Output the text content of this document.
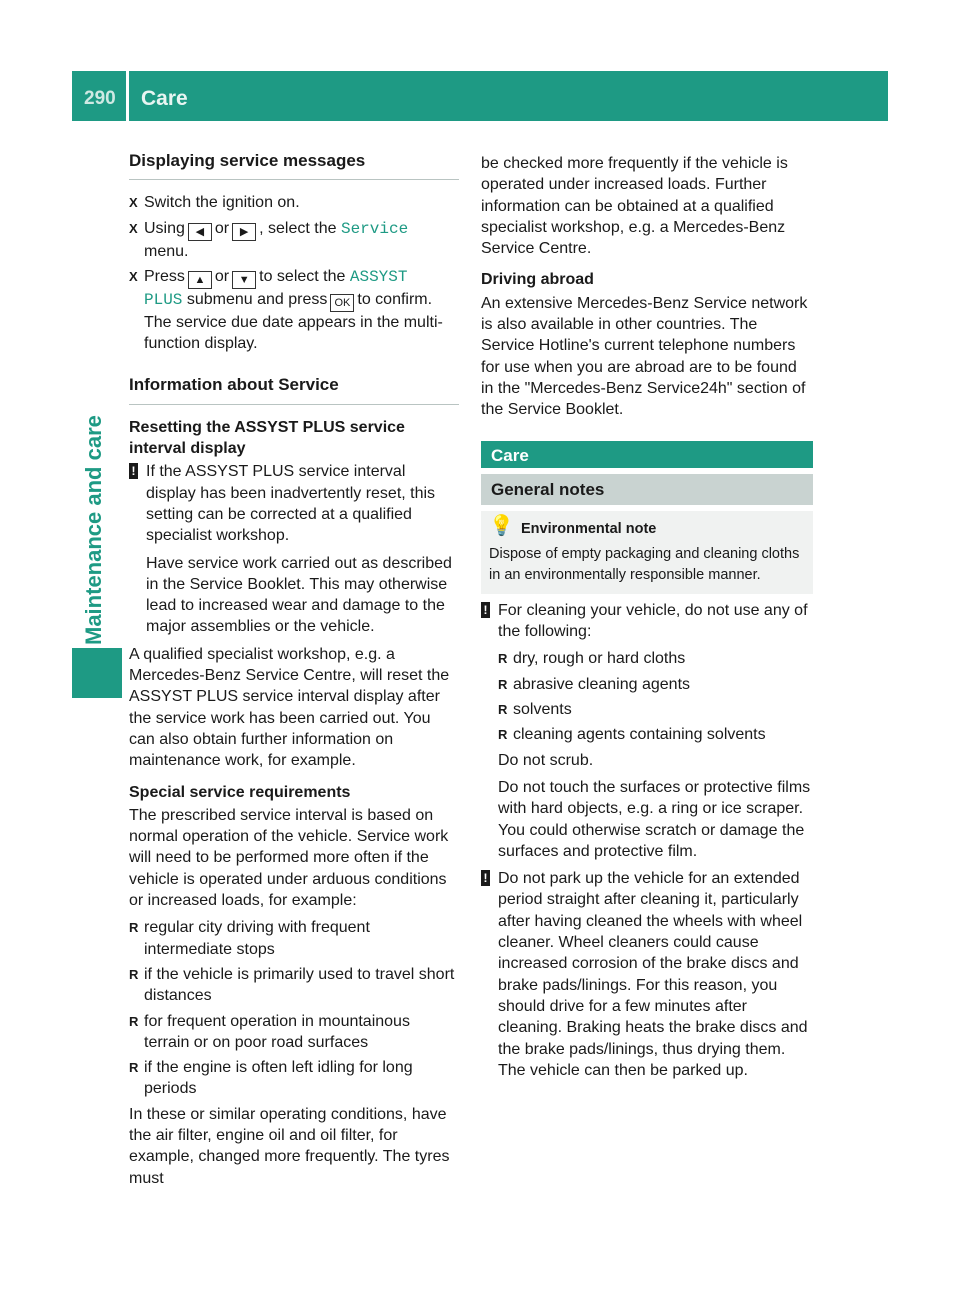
290 Care
Maintenance and care
Displaying service messages
X Switch the ignition on.
X Using ◀ or ▶ , select the Service
menu.
X Press ▲ or ▼ to select the ASSYST
PLUS submenu and press OK to confirm.
The service due date appears in the multi-function display.
Information about Service
Resetting the ASSYST PLUS service interval display
! If the ASSYST PLUS service interval display has been inadvertently reset, this setting can be corrected at a qualified specialist workshop.

Have service work carried out as described in the Service Booklet. This may otherwise lead to increased wear and damage to the major assemblies or the vehicle.

A qualified specialist workshop, e.g. a Mercedes-Benz Service Centre, will reset the ASSYST PLUS service interval display after the service work has been carried out. You can also obtain further information on maintenance work, for example.

Special service requirements

The prescribed service interval is based on normal operation of the vehicle. Service work will need to be performed more often if the vehicle is operated under arduous conditions or increased loads, for example:

R regular city driving with frequent intermediate stops
R if the vehicle is primarily used to travel short distances
R for frequent operation in mountainous terrain or on poor road surfaces
R if the engine is often left idling for long periods

In these or similar operating conditions, have the air filter, engine oil and oil filter, for example, changed more frequently. The tyres must

be checked more frequently if the vehicle is operated under increased loads. Further information can be obtained at a qualified specialist workshop, e.g. a Mercedes-Benz Service Centre.

Driving abroad

An extensive Mercedes-Benz Service network is also available in other countries. The Service Hotline's current telephone numbers for use when you are abroad are to be found in the "Mercedes-Benz Service24h" section of the Service Booklet.

Care
General notes
💡 Environmental note

Dispose of empty packaging and cleaning cloths in an environmentally responsible manner.

! For cleaning your vehicle, do not use any of the following:

R dry, rough or hard cloths
R abrasive cleaning agents
R solvents
R cleaning agents containing solvents

Do not scrub.

Do not touch the surfaces or protective films with hard objects, e.g. a ring or ice scraper. You could otherwise scratch or damage the surfaces and protective film.

! Do not park up the vehicle for an extended period straight after cleaning it, particularly after having cleaned the wheels with wheel cleaner. Wheel cleaners could cause increased corrosion of the brake discs and brake pads/linings. For this reason, you should drive for a few minutes after cleaning. Braking heats the brake discs and the brake pads/linings, thus drying them. The vehicle can then be parked up.
